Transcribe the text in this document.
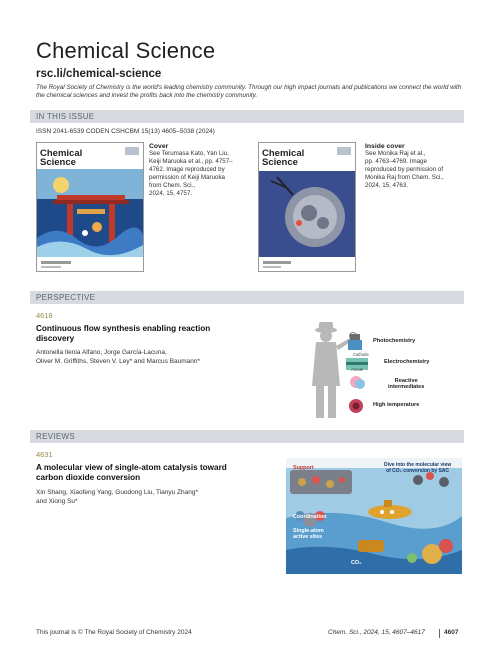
Chemical Science
rsc.li/chemical-science
The Royal Society of Chemistry is the world's leading chemistry community. Through our high impact journals and publications we connect the world with the chemical sciences and invest the profits back into the chemistry community.
IN THIS ISSUE
ISSN 2041-6539 CODEN CSHCBM 15(13) 4605–5038 (2024)
Chemical
Science
Cover
See Terumasa Kato, Yan Liu,
Keiji Maruoka et al., pp. 4757–
4762. Image reproduced by
permission of Keiji Maruoka
from Chem. Sci.,
2024, 15, 4757.
Chemical
Science
Inside cover
See Monika Raj et al.,
pp. 4763–4769. Image
reproduced by permission of
Monika Raj from Chem. Sci.,
2024, 15, 4763.
PERSPECTIVE
4618
Continuous flow synthesis enabling reaction
discovery
Antonella Ilenia Alfano, Jorge García-Lacuna,
Oliver M. Griffiths, Steven V. Ley* and Marcus Baumann*
Photochemistry
Cathode
Electrochemistry
Anode
Reactive
intermediates
High temperature
REVIEWS
4631
A molecular view of single-atom catalysis toward
carbon dioxide conversion
Xin Shang, Xiaofeng Yang, Guodong Liu, Tianyu Zhang*
and Xiong Su*
Support	Dive into the molecular view
of CO₂ conversion by SAC
Coordination
Single-atom
active sites
CO₂
This journal is © The Royal Society of Chemistry 2024	Chem. Sci., 2024, 15, 4607–4617	4607
